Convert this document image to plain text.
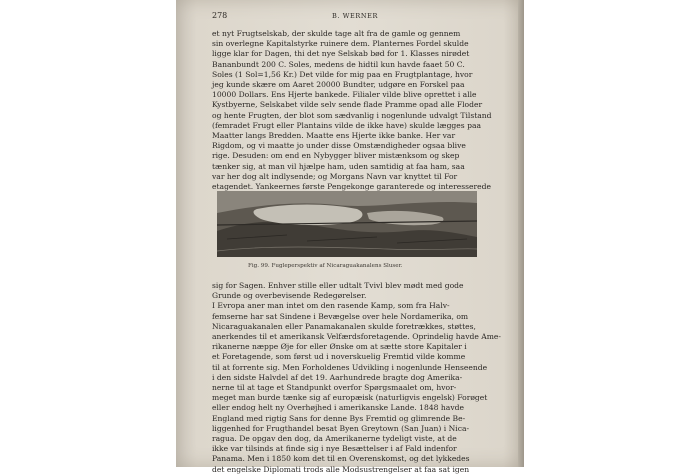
278	B. WERNER
et nyt Frugtselskab, der skulde tage alt fra de gamle og gennem
sin overlegne Kapitalstyrke ruinere dem. Planternes Fordel skulde
ligge klar for Dagen, thi det nye Selskab bød for 1. Klasses nirødet
Bananbundt 200 C. Soles, medens de hidtil kun havde faaet 50 C.
Soles (1 Sol=1,56 Kr.) Det vilde for mig paa en Frugtplantage, hvor
jeg kunde skære om Aaret 20000 Bundter, udgøre en Forskel paa
10000 Dollars. Ens Hjerte bankede. Filialer vilde blive oprettet i alle
Kystbyerne, Selskabet vilde selv sende flade Pramme opad alle Floder
og hente Frugten, der blot som sædvanlig i nogenlunde udvalgt Tilstand
(femradet Frugt eller Plantains vilde de ikke have) skulde lægges paa
Maatter langs Bredden. Maatte ens Hjerte ikke banke. Her var
Rigdom, og vi maatte jo under disse Omstændigheder ogsaa blive
rige. Desuden: om end en Nybygger bliver mistænksom og skep
tænker sig, at man vil hjælpe ham, uden samtidig at faa ham, saa
var her dog alt indlysende; og Morgans Navn var knyttet til For
etagendet. Yankeernes første Pengekonge garanterede og interesserede
Fig. 99. Fugleperspektiv af Nicaraguakanalens Sluser.
sig for Sagen. Enhver stille eller udtalt Tvivl blev mødt med gode
Grunde og overbevisende Redegørelser.
I Evropa aner man intet om den rasende Kamp, som fra Halv-
femserne har sat Sindene i Bevægelse over hele Nordamerika, om
Nicaraguakanalen eller Panamakanalen skulde foretrækkes, støttes,
anerkendes til et amerikansk Velfærdsforetagende. Oprindelig havde Ame-
rikanerne næppe Øje for eller Ønske om at sætte store Kapitaler i
et Foretagende, som først ud i noverskuelig Fremtid vilde komme
til at forrente sig. Men Forholdenes Udvikling i nogenlunde Henseende
i den sidste Halvdel af det 19. Aarhundrede bragte dog Amerika-
nerne til at tage et Standpunkt overfor Spørgsmaalet om, hvor-
meget man burde tænke sig af europæisk (naturligvis engelsk) Forøget
eller endog helt ny Overhøjhed i amerikanske Lande. 1848 havde
England med rigtig Sans for denne Bys Fremtid og glimrende Be-
liggenhed for Frugthandel besat Byen Greytown (San Juan) i Nica-
ragua. De opgav den dog, da Amerikanerne tydeligt viste, at de
ikke var tilsinds at finde sig i nye Besættelser i af Fald indenfor
Panama. Men i 1850 kom det til en Overenskomst, og det lykkedes
det engelske Diplomati trods alle Modsustrengelser at faa sat igen
